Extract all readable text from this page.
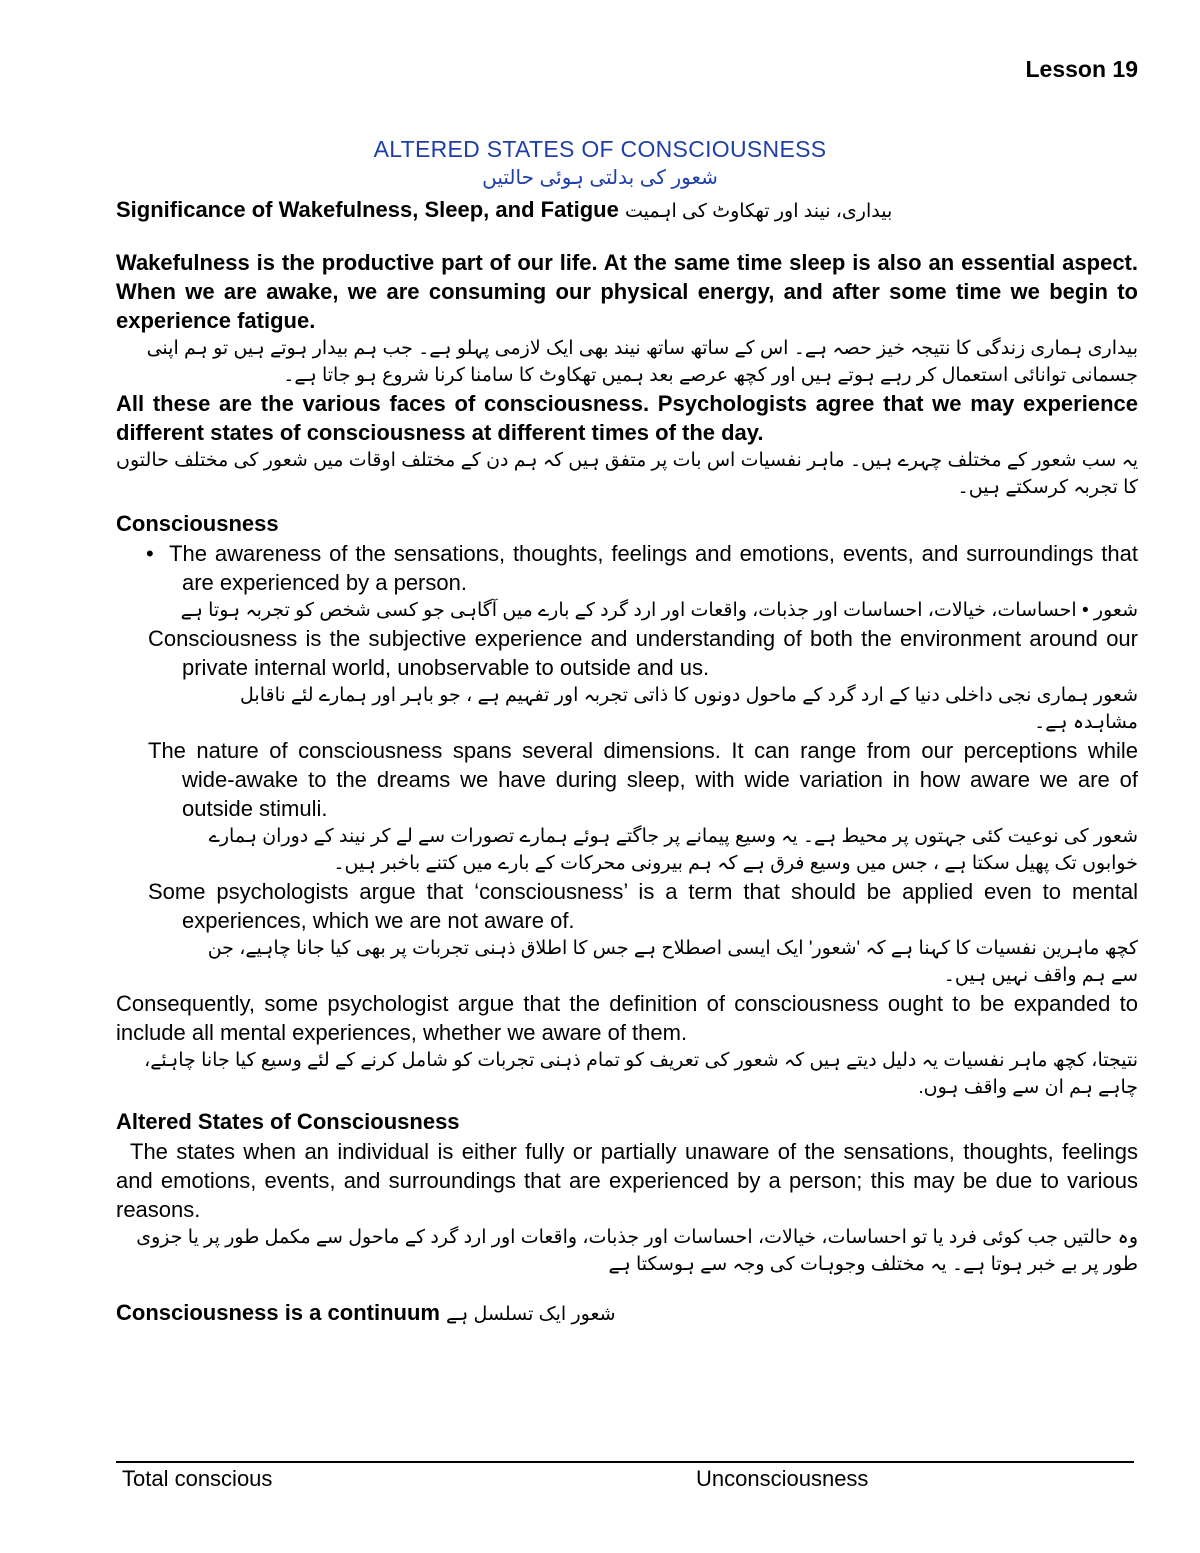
Lesson 19
ALTERED STATES OF CONSCIOUSNESS
شعور کی بدلتی ہوئی حالتیں

Significance of Wakefulness, Sleep, and Fatigue بیداری، نیند اور تھکاوٹ کی اہمیت

Wakefulness is the productive part of our life. At the same time sleep is also an essential aspect. When we are awake, we are consuming our physical energy, and after some time we begin to experience fatigue.

بیداری ہماری زندگی کا نتیجہ خیز حصہ ہے۔ اس کے ساتھ ساتھ نیند بھی ایک لازمی پہلو ہے۔ جب ہم بیدار ہوتے ہیں تو ہم اپنی جسمانی توانائی استعمال کر رہے ہوتے ہیں اور کچھ عرصے بعد ہمیں تھکاوٹ کا سامنا کرنا شروع ہو جاتا ہے۔

All these are the various faces of consciousness. Psychologists agree that we may experience different states of consciousness at different times of the day.

یہ سب شعور کے مختلف چہرے ہیں۔ ماہر نفسیات اس بات پر متفق ہیں کہ ہم دن کے مختلف اوقات میں شعور کی مختلف حالتوں کا تجربہ کرسکتے ہیں۔

Consciousness

• The awareness of the sensations, thoughts, feelings and emotions, events, and surroundings that are experienced by a person.

شعور • احساسات، خیالات، احساسات اور جذبات، واقعات اور ارد گرد کے بارے میں آگاہی جو کسی شخص کو تجربہ ہوتا ہے

Consciousness is the subjective experience and understanding of both the environment around our private internal world, unobservable to outside and us.

شعور ہماری نجی داخلی دنیا کے ارد گرد کے ماحول دونوں کا ذاتی تجربہ اور تفہیم ہے ، جو باہر اور ہمارے لئے ناقابل مشاہدہ ہے۔

The nature of consciousness spans several dimensions. It can range from our perceptions while wide-awake to the dreams we have during sleep, with wide variation in how aware we are of outside stimuli.

شعور کی نوعیت کئی جہتوں پر محیط ہے۔ یہ وسیع پیمانے پر جاگتے ہوئے ہمارے تصورات سے لے کر نیند کے دوران ہمارے خوابوں تک پھیل سکتا ہے ، جس میں وسیع فرق ہے کہ ہم بیرونی محرکات کے بارے میں کتنے باخبر ہیں۔

Some psychologists argue that ‘consciousness’ is a term that should be applied even to mental experiences, which we are not aware of.

کچھ ماہرین نفسیات کا کہنا ہے کہ 'شعور' ایک ایسی اصطلاح ہے جس کا اطلاق ذہنی تجربات پر بھی کیا جانا چاہیے، جن سے ہم واقف نہیں ہیں۔

Consequently, some psychologist argue that the definition of consciousness ought to be expanded to include all mental experiences, whether we aware of them.

نتیجتا، کچھ ماہر نفسیات یہ دلیل دیتے ہیں کہ شعور کی تعریف کو تمام ذہنی تجربات کو شامل کرنے کے لئے وسیع کیا جانا چاہئے، چاہے ہم ان سے واقف ہوں.

Altered States of Consciousness

The states when an individual is either fully or partially unaware of the sensations, thoughts, feelings and emotions, events, and surroundings that are experienced by a person; this may be due to various reasons.

وہ حالتیں جب کوئی فرد یا تو احساسات، خیالات، احساسات اور جذبات، واقعات اور ارد گرد کے ماحول سے مکمل طور پر یا جزوی طور پر بے خبر ہوتا ہے۔ یہ مختلف وجوہات کی وجہ سے ہوسکتا ہے

Consciousness is a continuum شعور ایک تسلسل ہے
Total conscious	Unconsciousness
